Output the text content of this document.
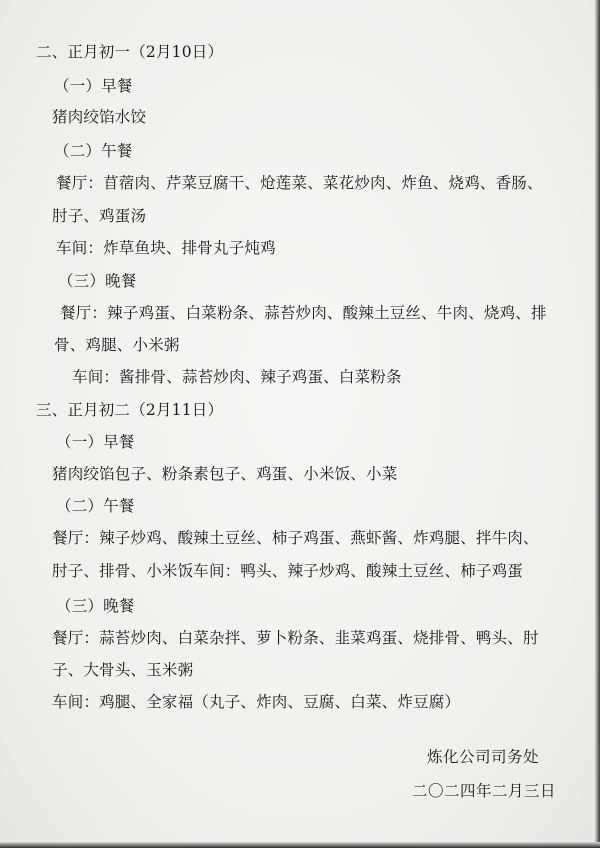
二、正月初一（2月10日）
（一）早餐
猪肉绞馅水饺
（二）午餐
餐厅：苜蓿肉、芹菜豆腐干、炝莲菜、菜花炒肉、炸鱼、烧鸡、香肠、
肘子、鸡蛋汤
车间：炸草鱼块、排骨丸子炖鸡
（三）晚餐
餐厅：辣子鸡蛋、白菜粉条、蒜苔炒肉、酸辣土豆丝、牛肉、烧鸡、排
骨、鸡腿、小米粥
车间：酱排骨、蒜苔炒肉、辣子鸡蛋、白菜粉条
三、正月初二（2月11日）
（一）早餐
猪肉绞馅包子、粉条素包子、鸡蛋、小米饭、小菜
（二）午餐
餐厅：辣子炒鸡、酸辣土豆丝、柿子鸡蛋、燕虾酱、炸鸡腿、拌牛肉、
肘子、排骨、小米饭车间：鸭头、辣子炒鸡、酸辣土豆丝、柿子鸡蛋
（三）晚餐
餐厅：蒜苔炒肉、白菜杂拌、萝卜粉条、韭菜鸡蛋、烧排骨、鸭头、肘
子、大骨头、玉米粥
车间：鸡腿、全家福（丸子、炸肉、豆腐、白菜、炸豆腐）
炼化公司司务处
二〇二四年二月三日
